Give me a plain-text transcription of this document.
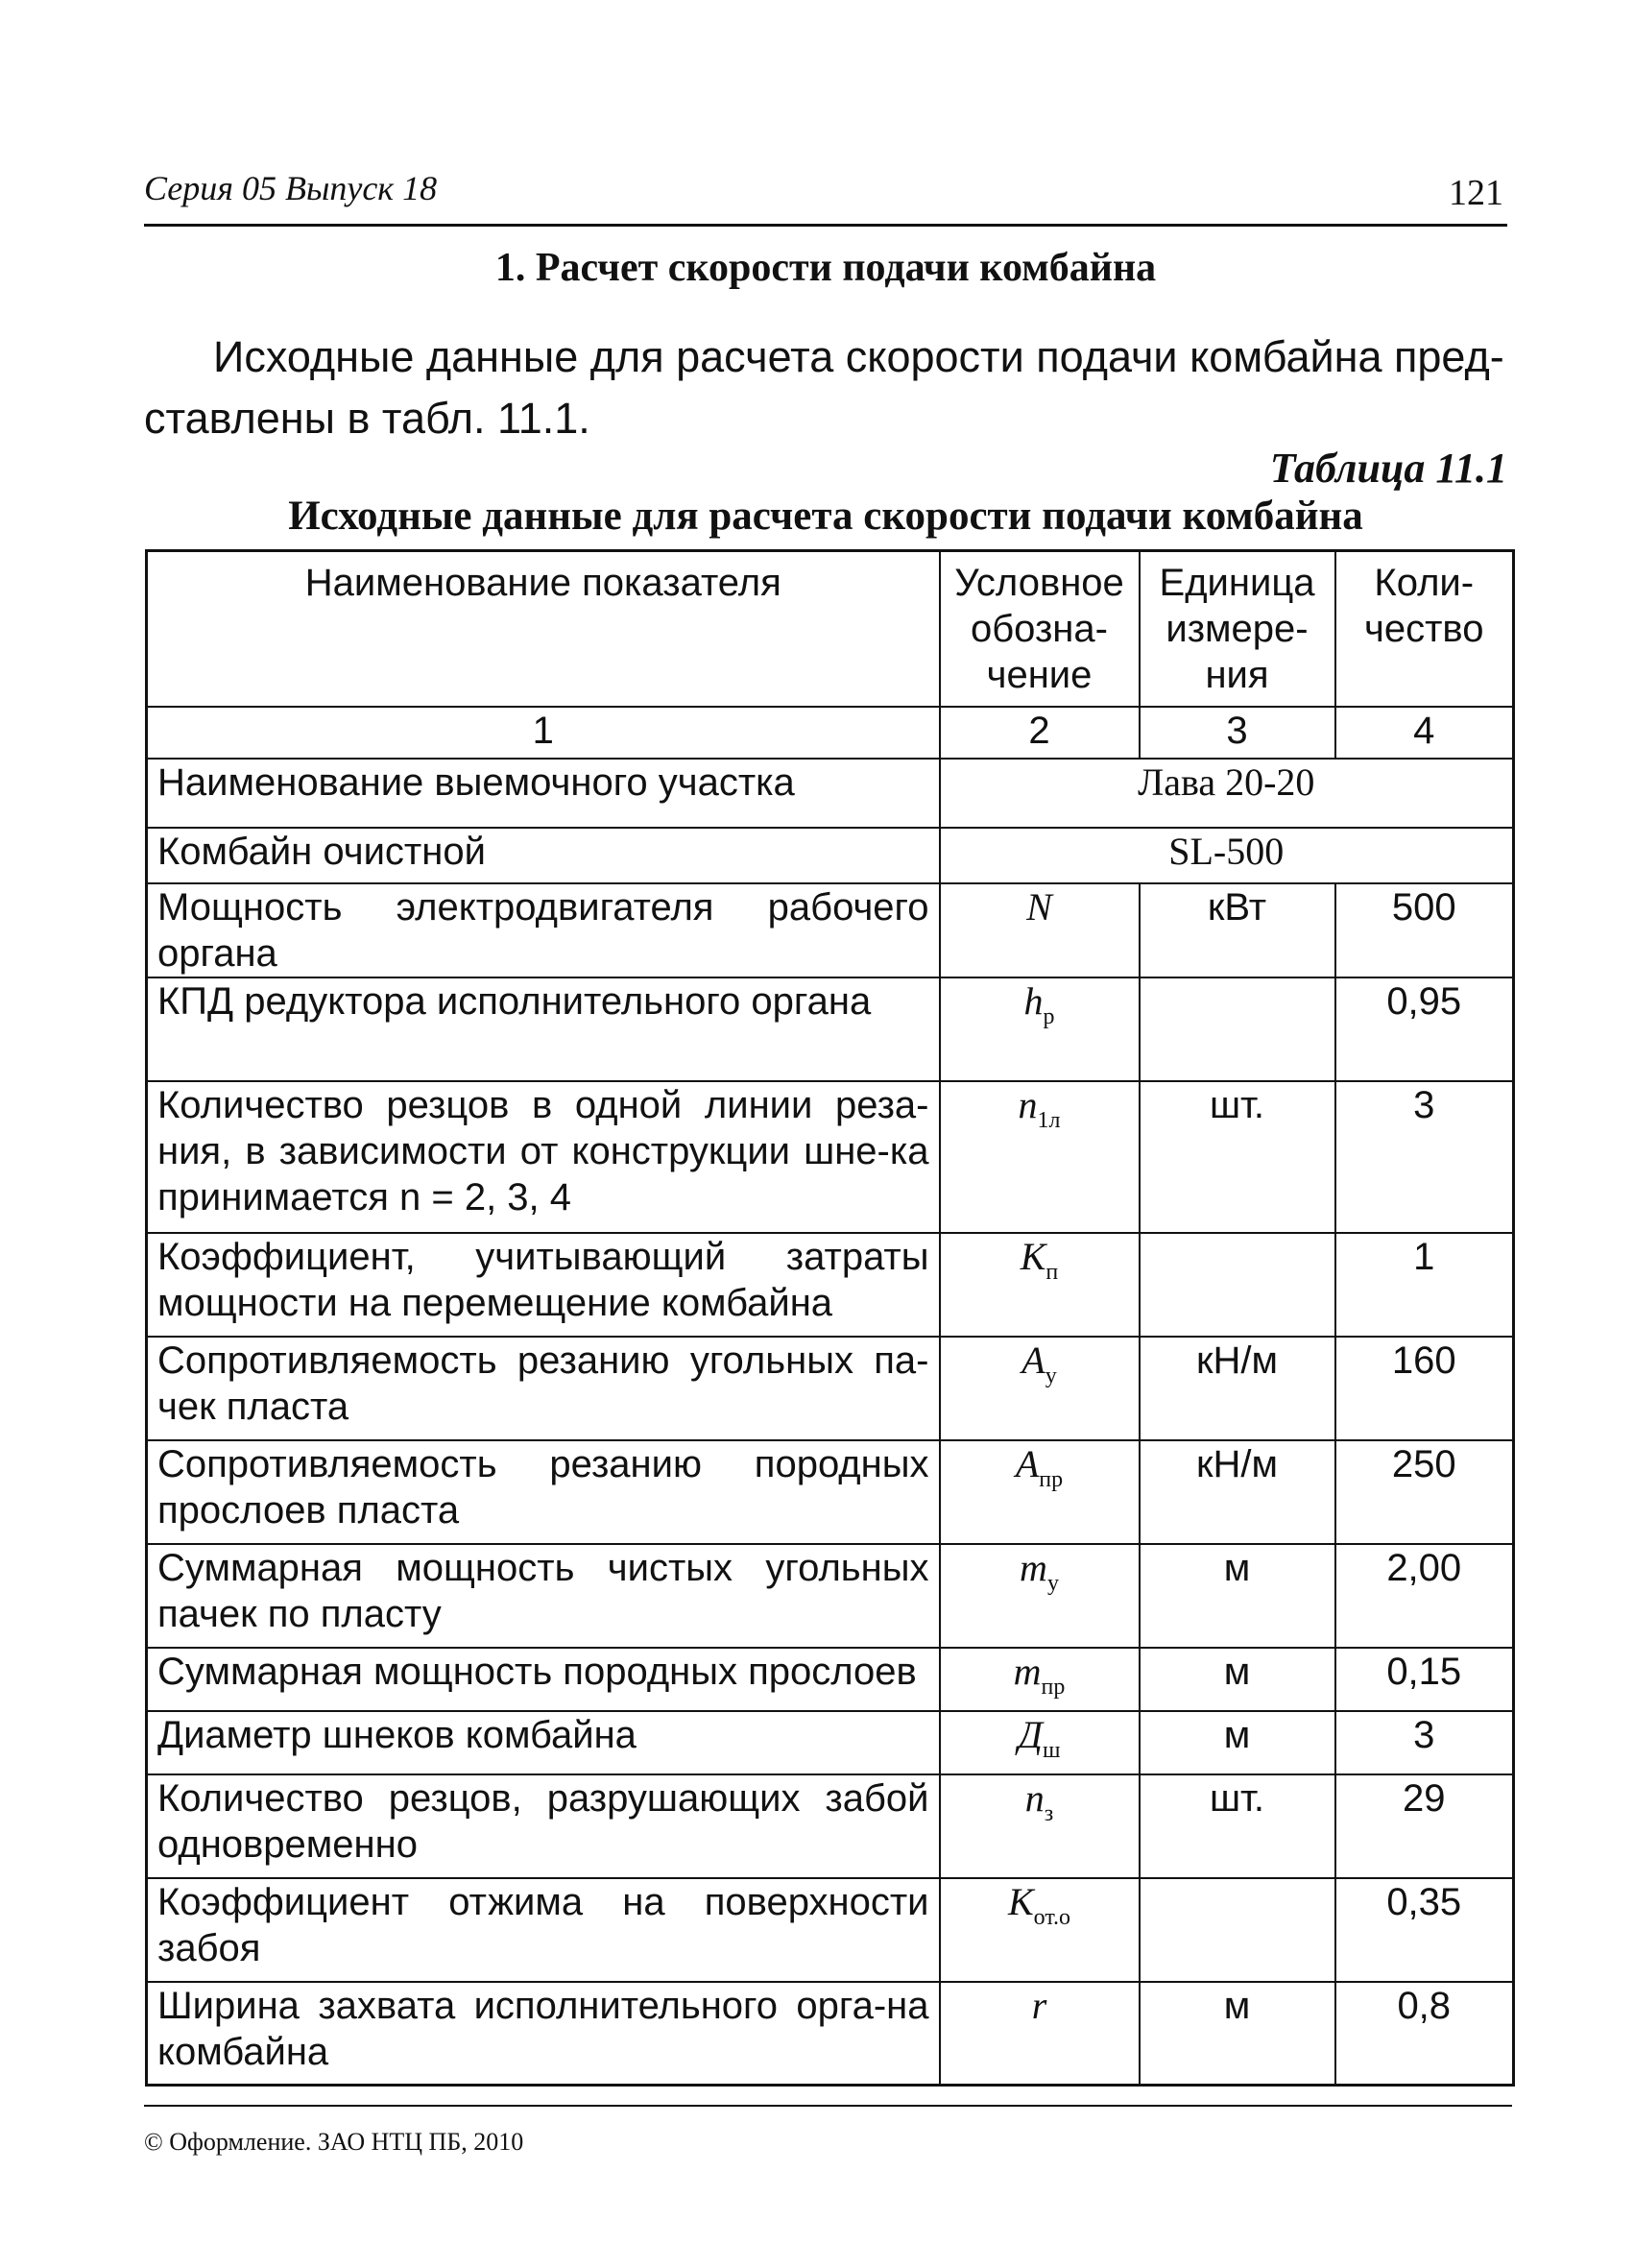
Серия 05 Выпуск 18	121
1. Расчет скорости подачи комбайна
Исходные данные для расчета скорости подачи комбайна пред-
ставлены в табл. 11.1.
Таблица 11.1
Исходные данные для расчета скорости подачи комбайна
Наименование показателя	Условное обозна-чение	Единица измере-ния	Коли-чество
1	2	3	4
Наименование выемочного участка	Лава 20-20		
Комбайн очистной	SL-500		
Мощность электродвигателя рабочего органа	N	кВт	500
КПД редуктора исполнительного органа	$h_р$		0,95
Количество резцов в одной линии реза-ния, в зависимости от конструкции шне-ка принимается n = 2, 3, 4	$n_{1л}$	шт.	3
Коэффициент, учитывающий затраты мощности на перемещение комбайна	$K_п$		1
Сопротивляемость резанию угольных па-чек пласта	$A_у$	кН/м	160
Сопротивляемость резанию породных прослоев пласта	$A_{пр}$	кН/м	250
Суммарная мощность чистых угольных пачек по пласту	$m_у$	м	2,00
Суммарная мощность породных прослоев	$m_{пр}$	м	0,15
Диаметр шнеков комбайна	$Д_ш$	м	3
Количество резцов, разрушающих забой одновременно	$n_з$	шт.	29
Коэффициент отжима на поверхности забоя	$K_{от.о}$		0,35
Ширина захвата исполнительного орга-на комбайна	r	м	0,8
© Оформление. ЗАО НТЦ ПБ, 2010
